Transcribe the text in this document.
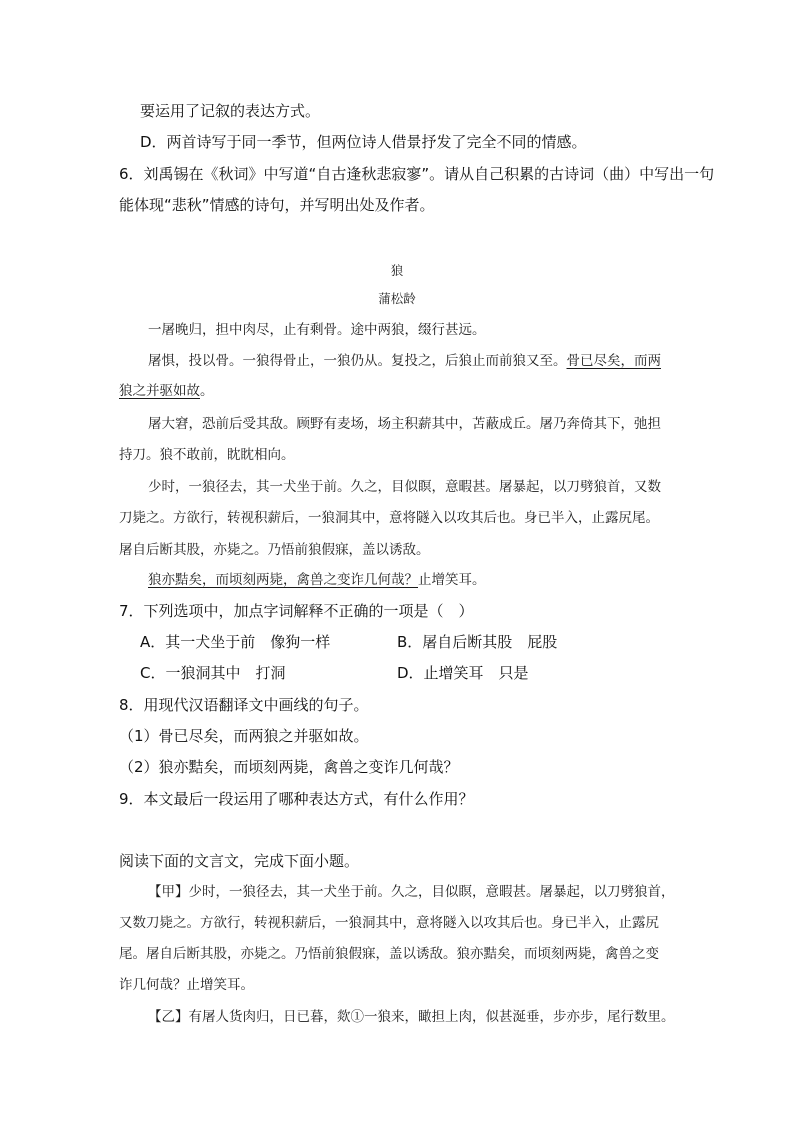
要运用了记叙的表达方式。
D．两首诗写于同一季节，但两位诗人借景抒发了完全不同的情感。
6．刘禹锡在《秋词》中写道“自古逢秋悲寂寥”。请从自己积累的古诗词（曲）中写出一句
能体现“悲秋”情感的诗句，并写明出处及作者。
狼
蒲松龄
一屠晚归，担中肉尽，止有剩骨。途中两狼，缀行甚远。
屠惧，投以骨。一狼得骨止，一狼仍从。复投之，后狼止而前狼又至。骨已尽矣，而两
狼之并驱如故。
屠大窘，恐前后受其敌。顾野有麦场，场主积薪其中，苫蔽成丘。屠乃奔倚其下，弛担
持刀。狼不敢前，眈眈相向。
少时，一狼径去，其一犬坐于前。久之，目似瞑，意暇甚。屠暴起，以刀劈狼首，又数
刀毙之。方欲行，转视积薪后，一狼洞其中，意将隧入以攻其后也。身已半入，止露尻尾。
屠自后断其股，亦毙之。乃悟前狼假寐，盖以诱敌。
狼亦黠矣，而顷刻两毙，禽兽之变诈几何哉？止增笑耳。
7．下列选项中，加点字词解释不正确的一项是（　）
A．其一犬坐于前　像狗一样	B．屠自后断其股　屁股
C．一狼洞其中　打洞	D．止增笑耳　只是
8．用现代汉语翻译文中画线的句子。
（1）骨已尽矣，而两狼之并驱如故。
（2）狼亦黠矣，而顷刻两毙，禽兽之变诈几何哉？
9．本文最后一段运用了哪种表达方式，有什么作用？
阅读下面的文言文，完成下面小题。
【甲】少时，一狼径去，其一犬坐于前。久之，目似瞑，意暇甚。屠暴起，以刀劈狼首，
又数刀毙之。方欲行，转视积薪后，一狼洞其中，意将隧入以攻其后也。身已半入，止露尻
尾。屠自后断其股，亦毙之。乃悟前狼假寐，盖以诱敌。狼亦黠矣，而顷刻两毙，禽兽之变
诈几何哉？止增笑耳。
【乙】有屠人货肉归，日已暮，欻①一狼来，瞰担上肉，似甚涎垂，步亦步，尾行数里。
